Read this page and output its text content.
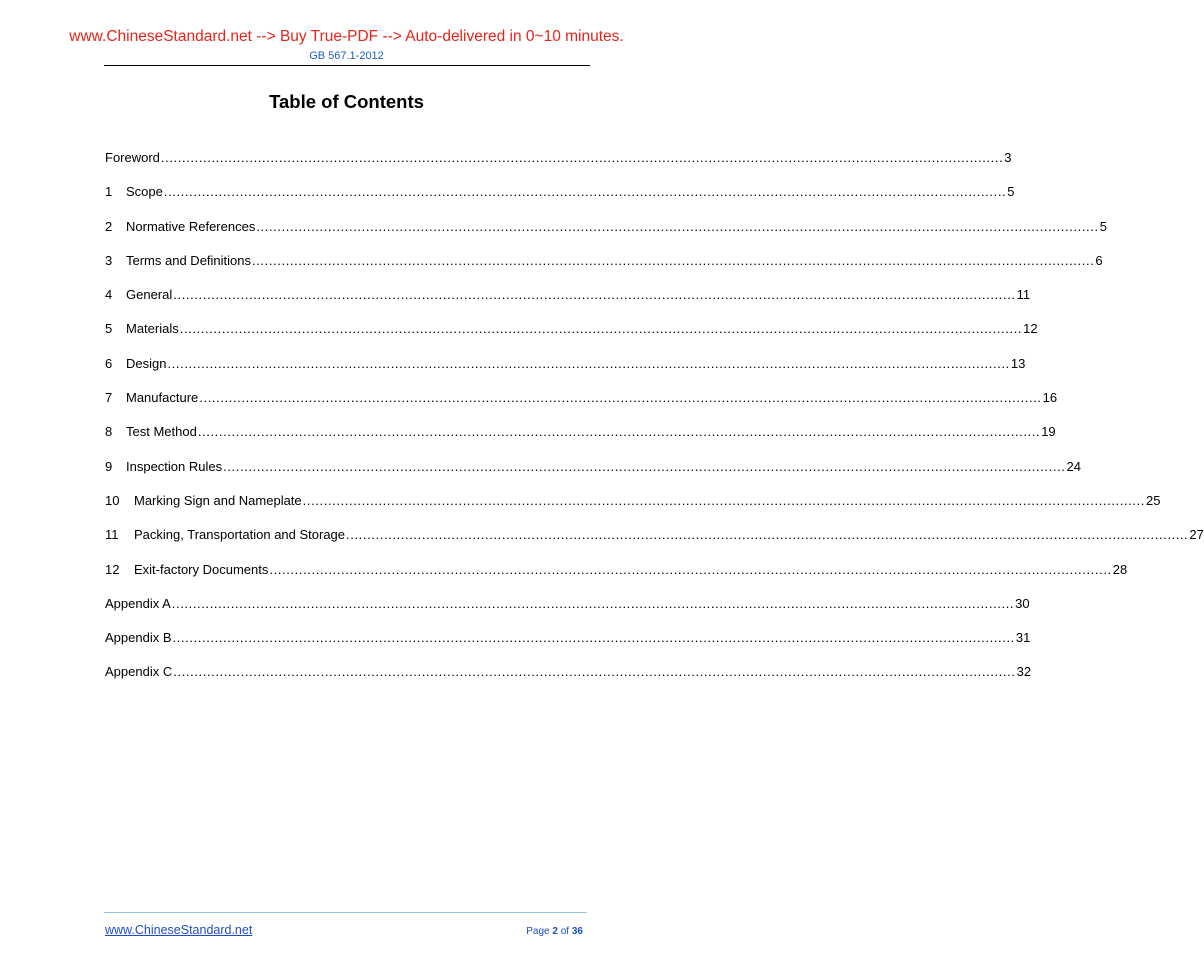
www.ChineseStandard.net --> Buy True-PDF --> Auto-delivered in 0~10 minutes.
GB 567.1-2012
Table of Contents
Foreword ........................................................................................................................................................................................................ 3
1 Scope ........................................................................................................................................................................................................ 5
2 Normative References ........................................................................................................................................................................................................ 5
3 Terms and Definitions ........................................................................................................................................................................................................ 6
4 General ........................................................................................................................................................................................................ 11
5 Materials ........................................................................................................................................................................................................ 12
6 Design ........................................................................................................................................................................................................ 13
7 Manufacture ........................................................................................................................................................................................................ 16
8 Test Method ........................................................................................................................................................................................................ 19
9 Inspection Rules ........................................................................................................................................................................................................ 24
10 Marking Sign and Nameplate ........................................................................................................................................................................................................ 25
11 Packing, Transportation and Storage ........................................................................................................................................................................................................ 27
12 Exit-factory Documents ........................................................................................................................................................................................................ 28
Appendix A ........................................................................................................................................................................................................ 30
Appendix B ........................................................................................................................................................................................................ 31
Appendix C ........................................................................................................................................................................................................ 32
www.ChineseStandard.net	Page 2 of 36
